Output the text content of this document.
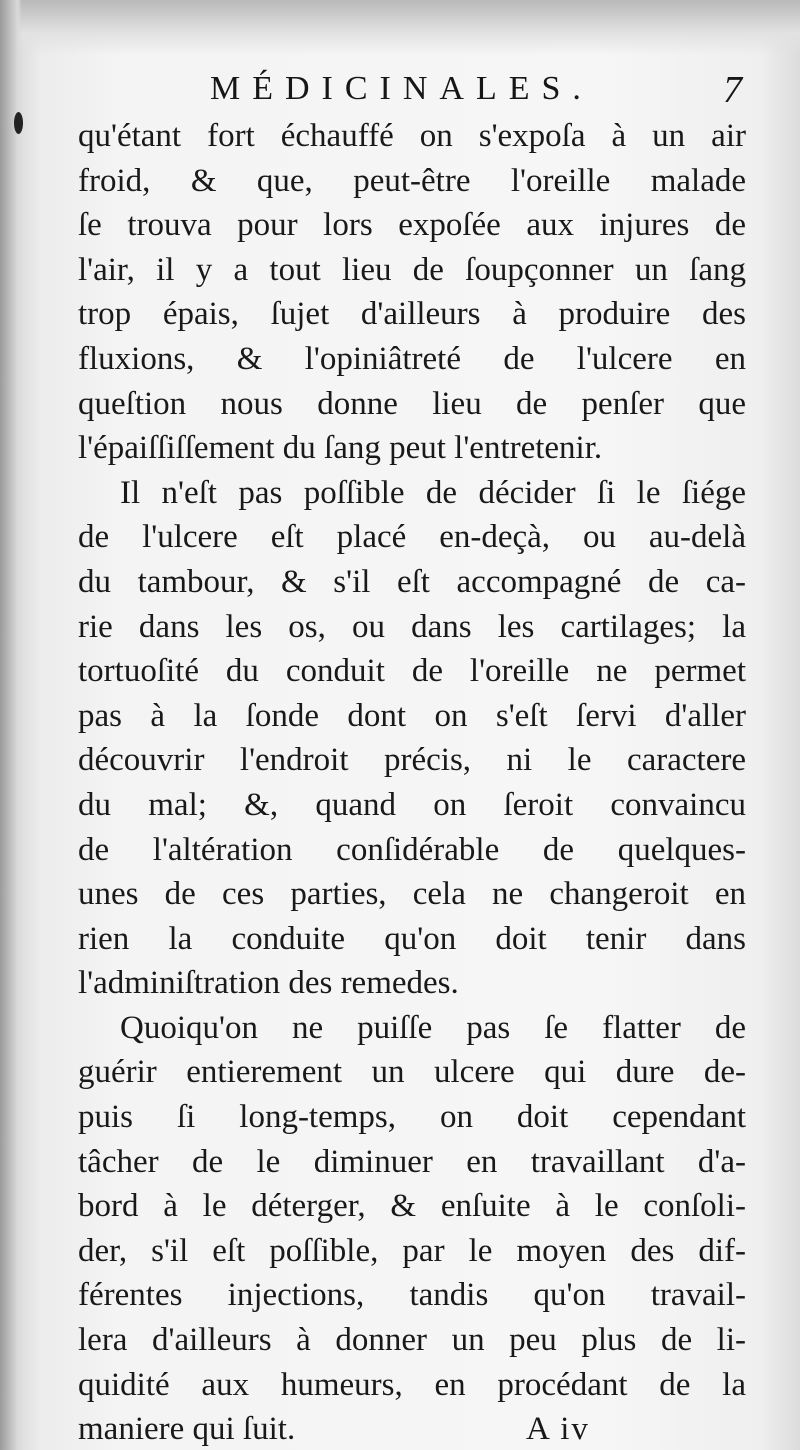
MÉDICINALES.	7
qu'étant fort échauffé on s'expoſa à un air
froid, & que, peut-être l'oreille malade
ſe trouva pour lors expoſée aux injures de
l'air, il y a tout lieu de ſoupçonner un ſang
trop épais, ſujet d'ailleurs à produire des
fluxions, & l'opiniâtreté de l'ulcere en
queſtion nous donne lieu de penſer que
l'épaiſſiſſement du ſang peut l'entretenir.
Il n'eſt pas poſſible de décider ſi le ſiége
de l'ulcere eſt placé en-deçà, ou au-delà
du tambour, & s'il eſt accompagné de ca-
rie dans les os, ou dans les cartilages; la
tortuoſité du conduit de l'oreille ne permet
pas à la ſonde dont on s'eſt ſervi d'aller
découvrir l'endroit précis, ni le caractere
du mal; &, quand on ſeroit convaincu
de l'altération conſidérable de quelques-
unes de ces parties, cela ne changeroit en
rien la conduite qu'on doit tenir dans
l'adminiſtration des remedes.
Quoiqu'on ne puiſſe pas ſe flatter de
guérir entierement un ulcere qui dure de-
puis ſi long-temps, on doit cependant
tâcher de le diminuer en travaillant d'a-
bord à le déterger, & enſuite à le conſoli-
der, s'il eſt poſſible, par le moyen des dif-
férentes injections, tandis qu'on travail-
lera d'ailleurs à donner un peu plus de li-
quidité aux humeurs, en procédant de la
maniere qui ſuit.	A iv
